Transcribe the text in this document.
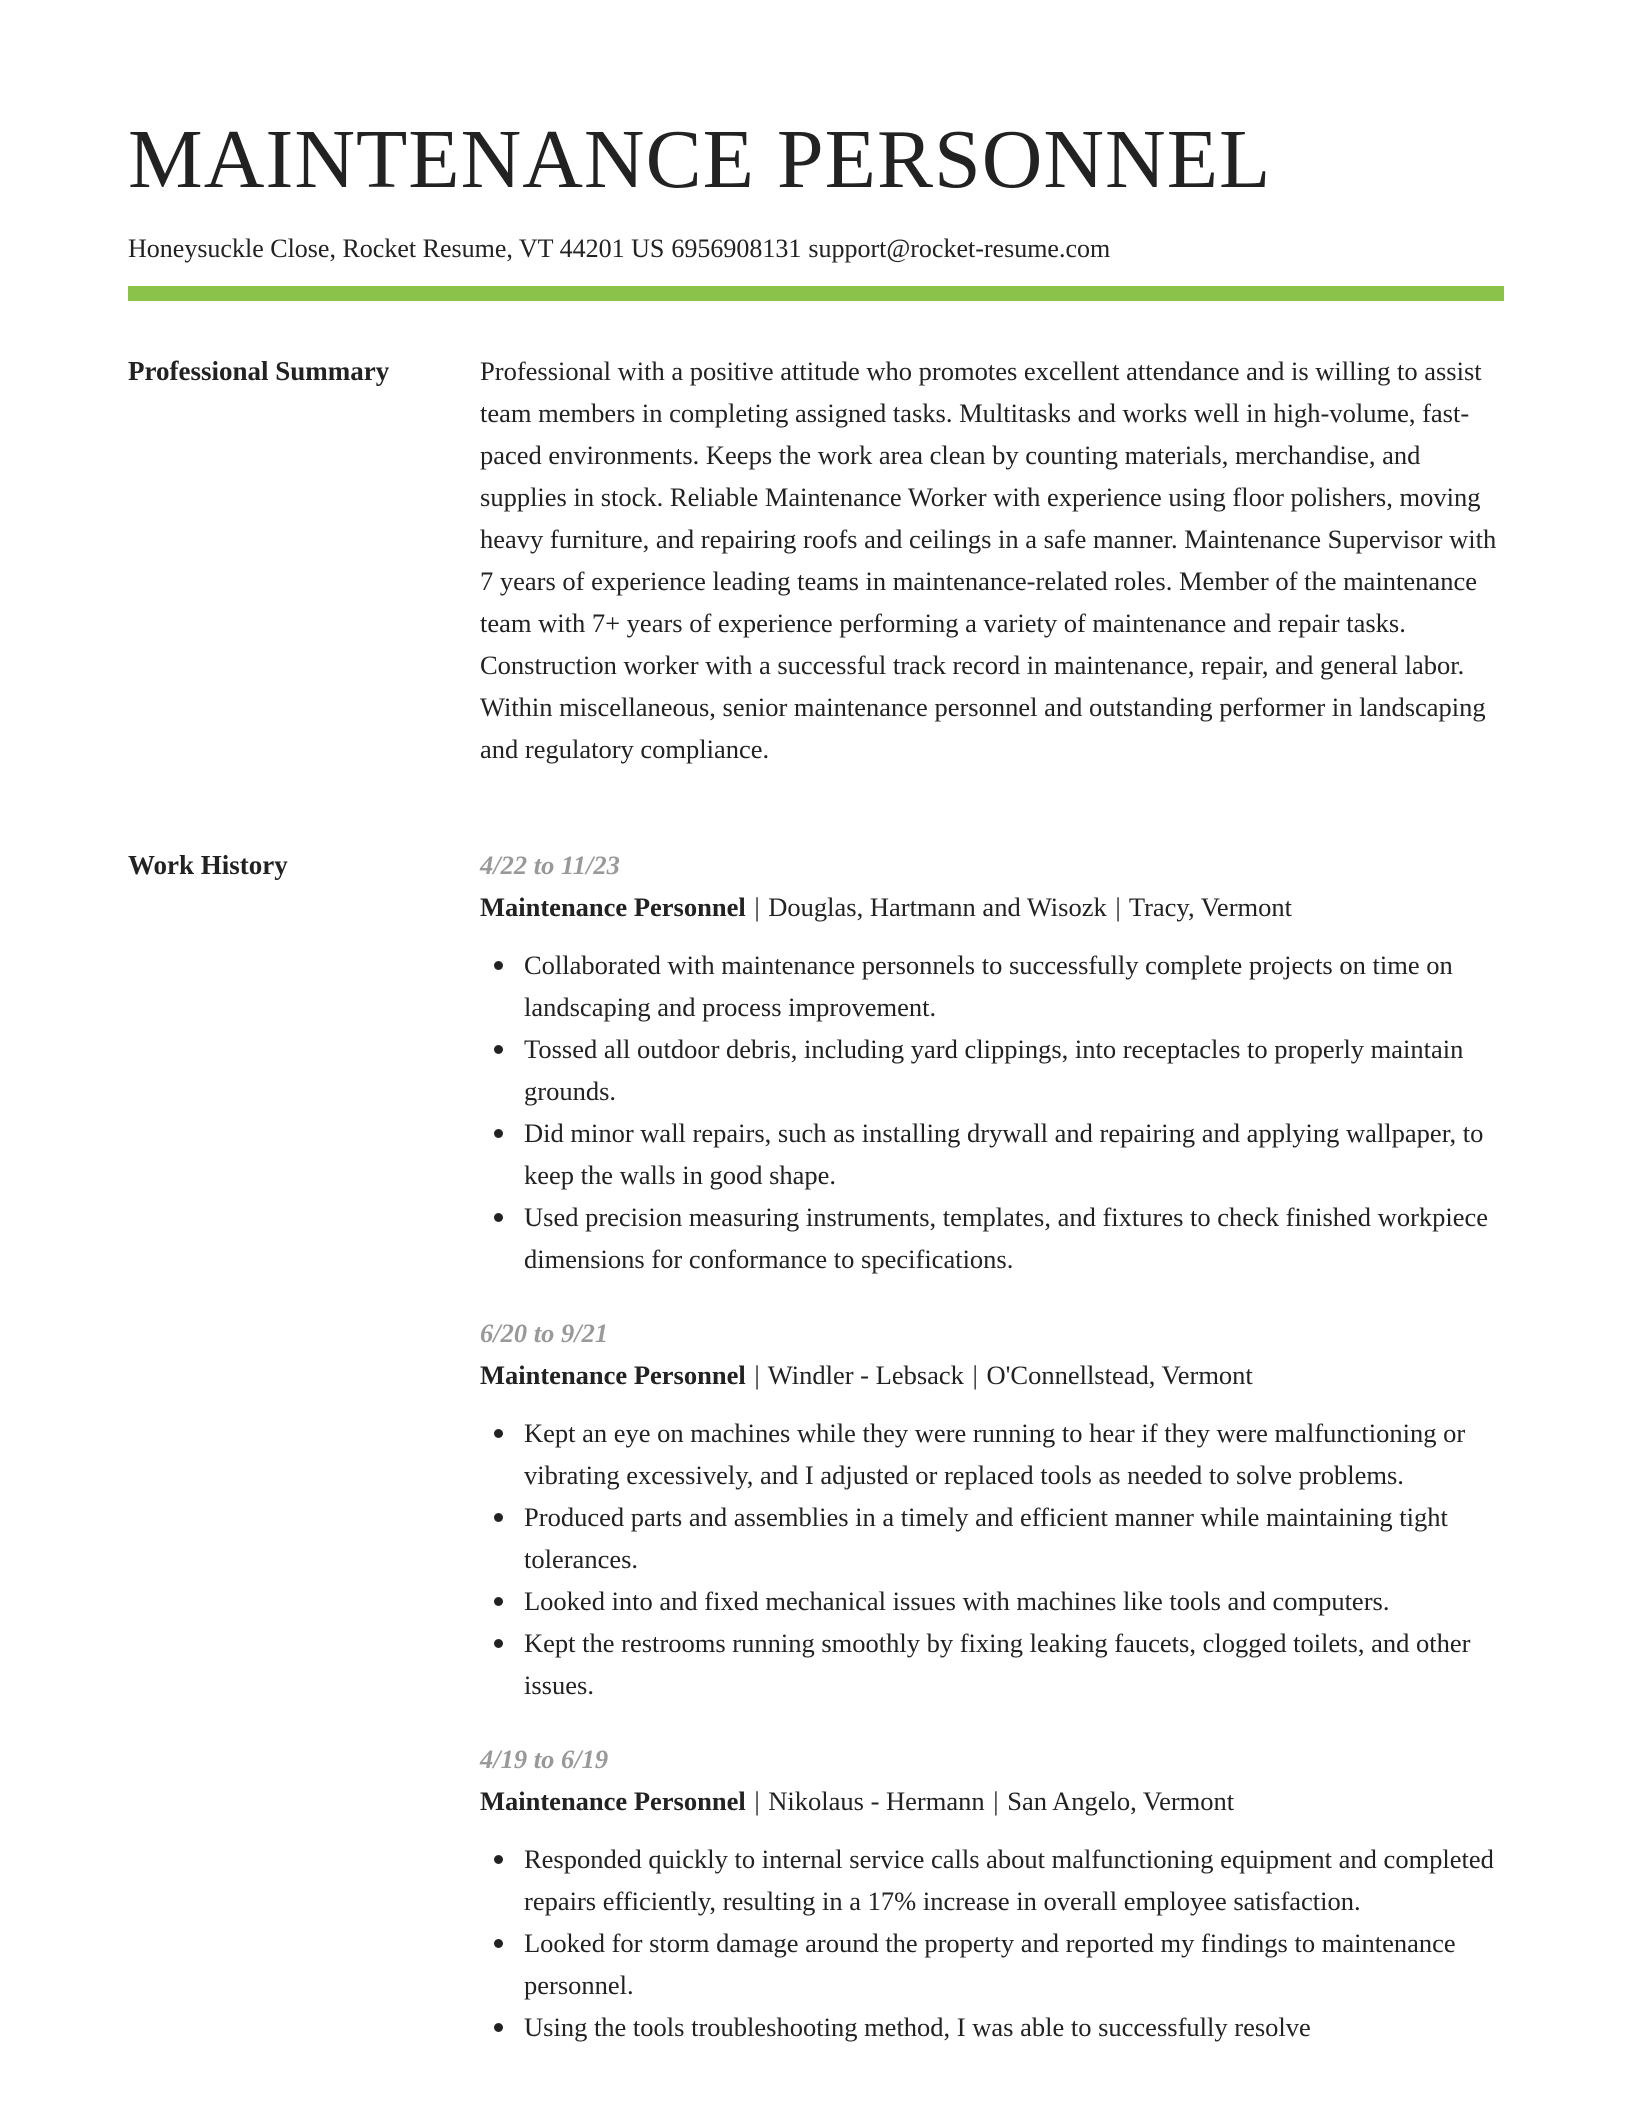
MAINTENANCE PERSONNEL
Honeysuckle Close, Rocket Resume, VT 44201 US 6956908131 support@rocket-resume.com
Professional Summary	Professional with a positive attitude who promotes excellent attendance and is willing to assist team members in completing assigned tasks. Multitasks and works well in high-volume, fast-paced environments. Keeps the work area clean by counting materials, merchandise, and supplies in stock. Reliable Maintenance Worker with experience using floor polishers, moving heavy furniture, and repairing roofs and ceilings in a safe manner. Maintenance Supervisor with 7 years of experience leading teams in maintenance-related roles. Member of the maintenance team with 7+ years of experience performing a variety of maintenance and repair tasks. Construction worker with a successful track record in maintenance, repair, and general labor. Within miscellaneous, senior maintenance personnel and outstanding performer in landscaping and regulatory compliance.

Work History	4/22 to 11/23
Maintenance Personnel | Douglas, Hartmann and Wisozk | Tracy, Vermont
Collaborated with maintenance personnels to successfully complete projects on time on landscaping and process improvement.
Tossed all outdoor debris, including yard clippings, into receptacles to properly maintain grounds.
Did minor wall repairs, such as installing drywall and repairing and applying wallpaper, to keep the walls in good shape.
Used precision measuring instruments, templates, and fixtures to check finished workpiece dimensions for conformance to specifications.
6/20 to 9/21
Maintenance Personnel | Windler - Lebsack | O'Connellstead, Vermont
Kept an eye on machines while they were running to hear if they were malfunctioning or vibrating excessively, and I adjusted or replaced tools as needed to solve problems.
Produced parts and assemblies in a timely and efficient manner while maintaining tight tolerances.
Looked into and fixed mechanical issues with machines like tools and computers.
Kept the restrooms running smoothly by fixing leaking faucets, clogged toilets, and other issues.
4/19 to 6/19
Maintenance Personnel | Nikolaus - Hermann | San Angelo, Vermont
Responded quickly to internal service calls about malfunctioning equipment and completed repairs efficiently, resulting in a 17% increase in overall employee satisfaction.
Looked for storm damage around the property and reported my findings to maintenance personnel.
Using the tools troubleshooting method, I was able to successfully resolve
